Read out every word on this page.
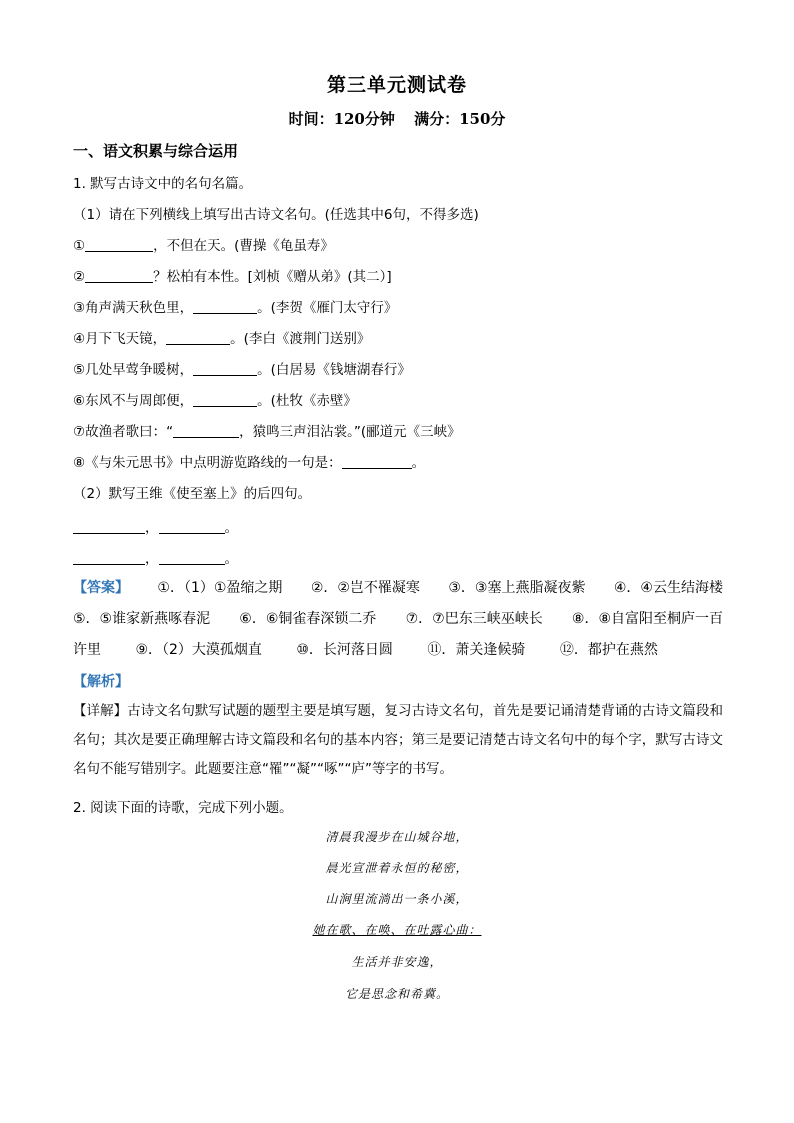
第三单元测试卷
时间：120分钟 满分：150分
一、语文积累与综合运用
1. 默写古诗文中的名句名篇。
（1）请在下列横线上填写出古诗文名句。(任选其中6句，不得多选)
①	，不但在天。(曹操《龟虽寿》
②	？松柏有本性。[刘桢《赠从弟》(其二）]
③角声满天秋色里，	。(李贺《雁门太守行》
④月下飞天镜，	。(李白《渡荆门送别》
⑤几处早莺争暖树，	。(白居易《钱塘湖春行》
⑥东风不与周郎便，	。(杜牧《赤壁》
⑦故渔者歌曰：“	，猿鸣三声泪沾裳。”(郦道元《三峡》
⑧《与朱元思书》中点明游览路线的一句是：	。
（2）默写王维《使至塞上》的后四句。
，	。
，	。
【答案】 ①．（1）①盈缩之期 ②．②岂不罹凝寒 ③．③塞上燕脂凝夜紫 ④．④云生结海楼
⑤．⑤谁家新燕啄春泥 ⑥．⑥铜雀春深锁二乔 ⑦．⑦巴东三峡巫峡长 ⑧．⑧自富阳至桐庐一百
许里 ⑨．（2）大漠孤烟直 ⑩．长河落日圆 ⑪．萧关逢候骑 ⑫．都护在燕然
【解析】
【详解】古诗文名句默写试题的题型主要是填写题，复习古诗文名句，首先是要记诵清楚背诵的古诗文篇段和名句；其次是要正确理解古诗文篇段和名句的基本内容；第三是要记清楚古诗文名句中的每个字，默写古诗文名句不能写错别字。此题要注意“罹”“凝”“啄”“庐”等字的书写。
2. 阅读下面的诗歌，完成下列小题。
清晨我漫步在山城谷地，
晨光宣泄着永恒的秘密，
山涧里流淌出一条小溪，
她在歌、在唤、在吐露心曲：
生活并非安逸，
它是思念和希冀。
